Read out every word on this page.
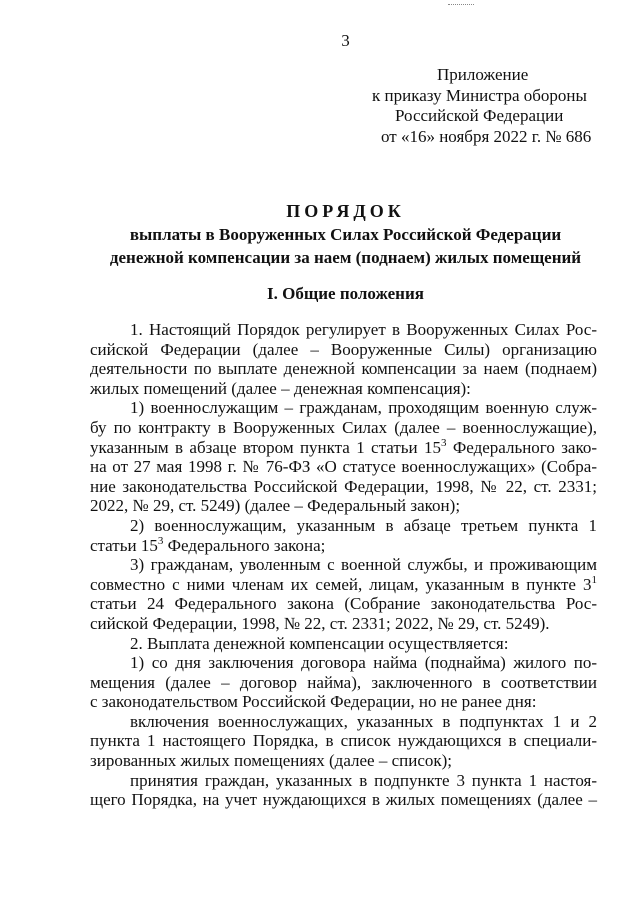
3
Приложение
к приказу Министра обороны
Российской Федерации
от «16» ноября 2022 г. № 686
ПОРЯДОК
выплаты в Вооруженных Силах Российской Федерации
денежной компенсации за наем (поднаем) жилых помещений
I. Общие положения
1. Настоящий Порядок регулирует в Вооруженных Силах Рос-
сийской Федерации (далее – Вооруженные Силы) организацию
деятельности по выплате денежной компенсации за наем (поднаем)
жилых помещений (далее – денежная компенсация):
1) военнослужащим – гражданам, проходящим военную служ-
бу по контракту в Вооруженных Силах (далее – военнослужащие),
указанным в абзаце втором пункта 1 статьи $15^3$ Федерального зако-
на от 27 мая 1998 г. № 76-ФЗ «О статусе военнослужащих» (Собра-
ние законодательства Российской Федерации, 1998, № 22, ст. 2331;
2022, № 29, ст. 5249) (далее – Федеральный закон);
2) военнослужащим, указанным в абзаце третьем пункта 1
статьи $15^3$ Федерального закона;
3) гражданам, уволенным с военной службы, и проживающим
совместно с ними членам их семей, лицам, указанным в пункте $3^1$
статьи 24 Федерального закона (Собрание законодательства Рос-
сийской Федерации, 1998, № 22, ст. 2331; 2022, № 29, ст. 5249).
2. Выплата денежной компенсации осуществляется:
1) со дня заключения договора найма (поднайма) жилого по-
мещения (далее – договор найма), заключенного в соответствии
с законодательством Российской Федерации, но не ранее дня:
включения военнослужащих, указанных в подпунктах 1 и 2
пункта 1 настоящего Порядка, в список нуждающихся в специали-
зированных жилых помещениях (далее – список);
принятия граждан, указанных в подпункте 3 пункта 1 настоя-
щего Порядка, на учет нуждающихся в жилых помещениях (далее –
